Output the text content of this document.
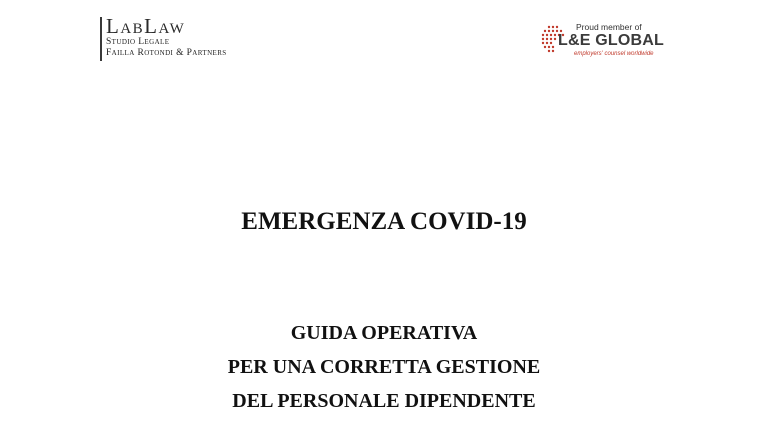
LabLaw
Studio Legale
Failla Rotondi & Partners
Proud member of
L&E GLOBAL
employers' counsel worldwide
EMERGENZA COVID-19
GUIDA OPERATIVA
PER UNA CORRETTA GESTIONE
DEL PERSONALE DIPENDENTE
